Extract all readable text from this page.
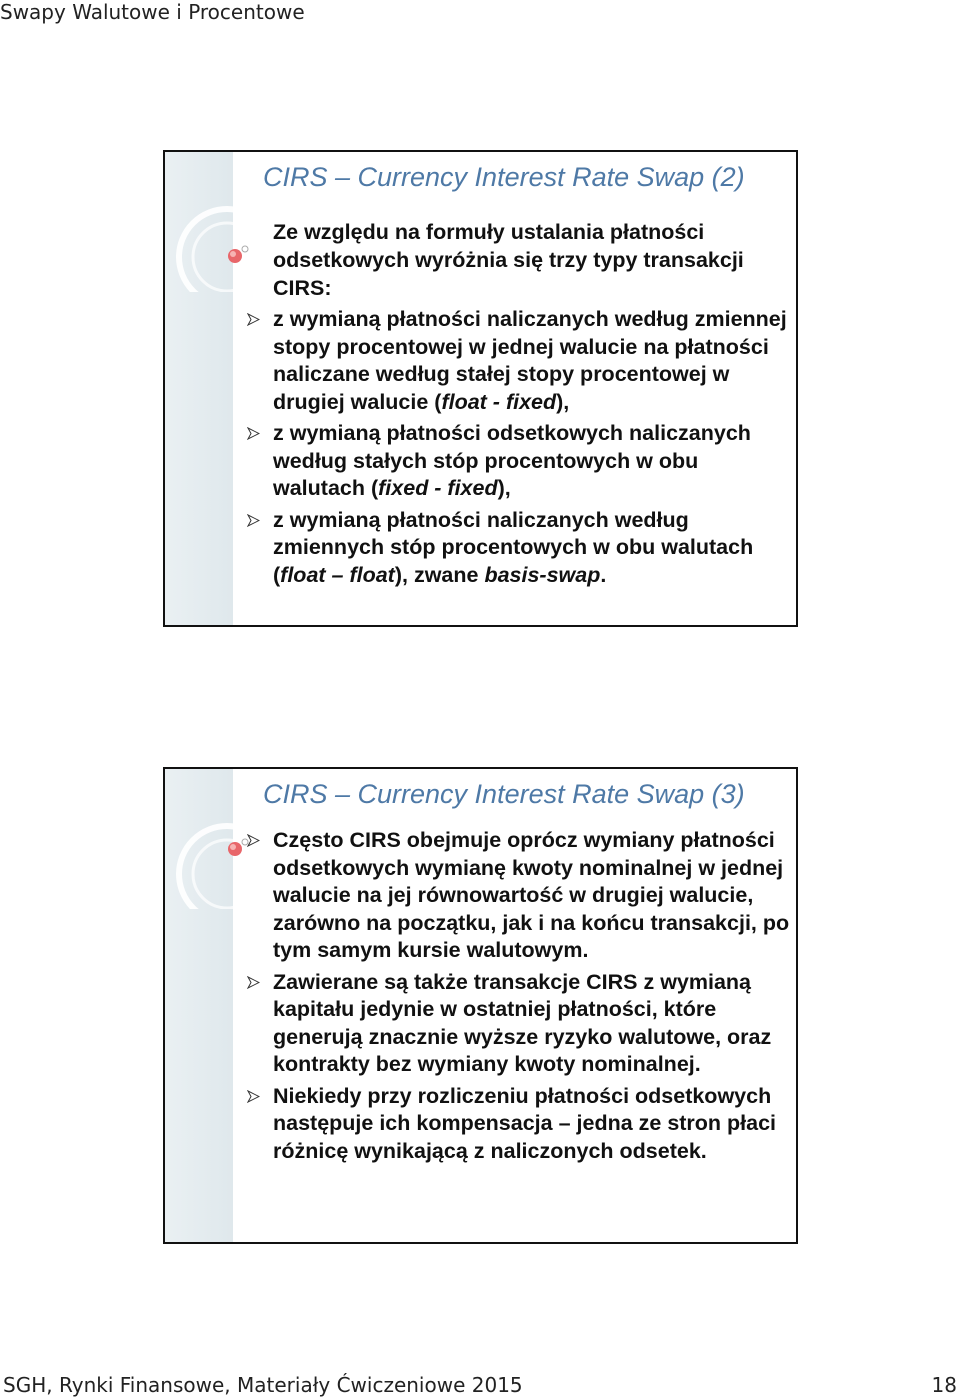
Swapy Walutowe i Procentowe
CIRS – Currency Interest Rate Swap (2)
Ze względu na formuły ustalania płatności odsetkowych wyróżnia się trzy typy transakcji CIRS:
z wymianą płatności naliczanych według zmiennej stopy procentowej w jednej walucie na płatności naliczane według stałej stopy procentowej w drugiej walucie (float - fixed),
z wymianą płatności odsetkowych naliczanych według stałych stóp procentowych w obu walutach (fixed - fixed),
z wymianą płatności naliczanych według zmiennych stóp procentowych w obu walutach (float – float), zwane basis-swap.
CIRS – Currency Interest Rate Swap (3)
Często CIRS obejmuje oprócz wymiany płatności odsetkowych wymianę kwoty nominalnej w jednej walucie na jej równowartość w drugiej walucie, zarówno na początku, jak i na końcu transakcji, po tym samym kursie walutowym.
Zawierane są także transakcje CIRS z wymianą kapitału jedynie w ostatniej płatności, które generują znacznie wyższe ryzyko walutowe, oraz kontrakty bez wymiany kwoty nominalnej.
Niekiedy przy rozliczeniu płatności odsetkowych następuje ich kompensacja – jedna ze stron płaci różnicę wynikającą z naliczonych odsetek.
SGH, Rynki Finansowe, Materiały Ćwiczeniowe 2015	18
